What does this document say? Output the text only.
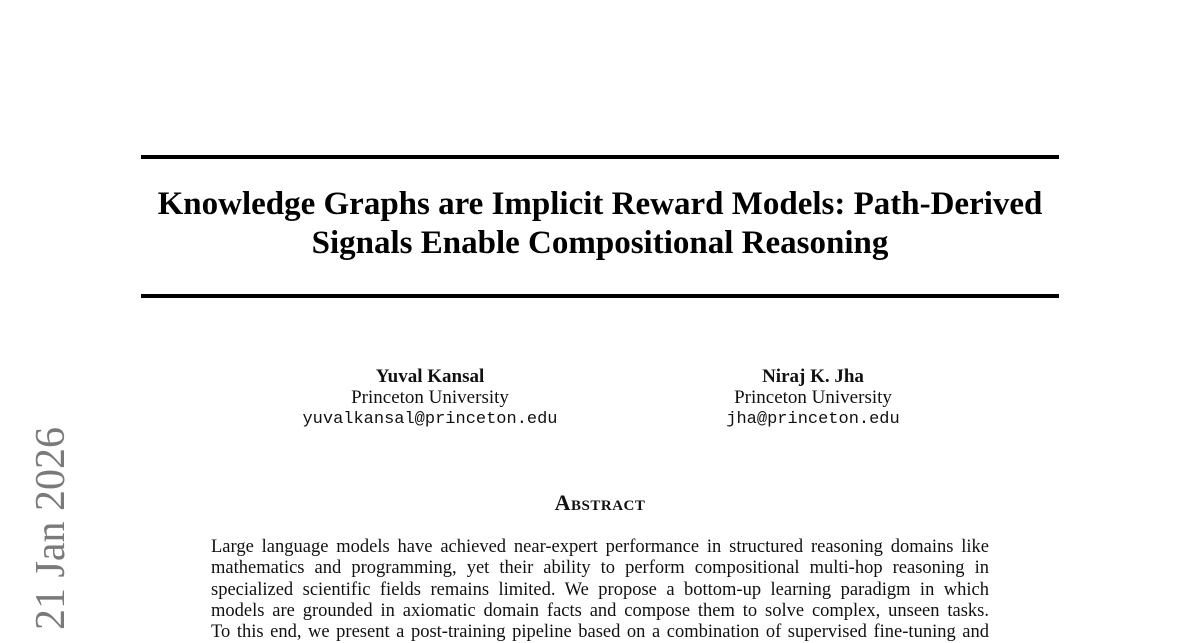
21 Jan 2026
Knowledge Graphs are Implicit Reward Models: Path-Derived
Signals Enable Compositional Reasoning
Yuval Kansal
Princeton University
yuvalkansal@princeton.edu
Niraj K. Jha
Princeton University
jha@princeton.edu
Abstract
Large language models have achieved near-expert performance in structured reasoning domains like
mathematics and programming, yet their ability to perform compositional multi-hop reasoning in
specialized scientific fields remains limited. We propose a bottom-up learning paradigm in which
models are grounded in axiomatic domain facts and compose them to solve complex, unseen tasks.
To this end, we present a post-training pipeline based on a combination of supervised fine-tuning and
